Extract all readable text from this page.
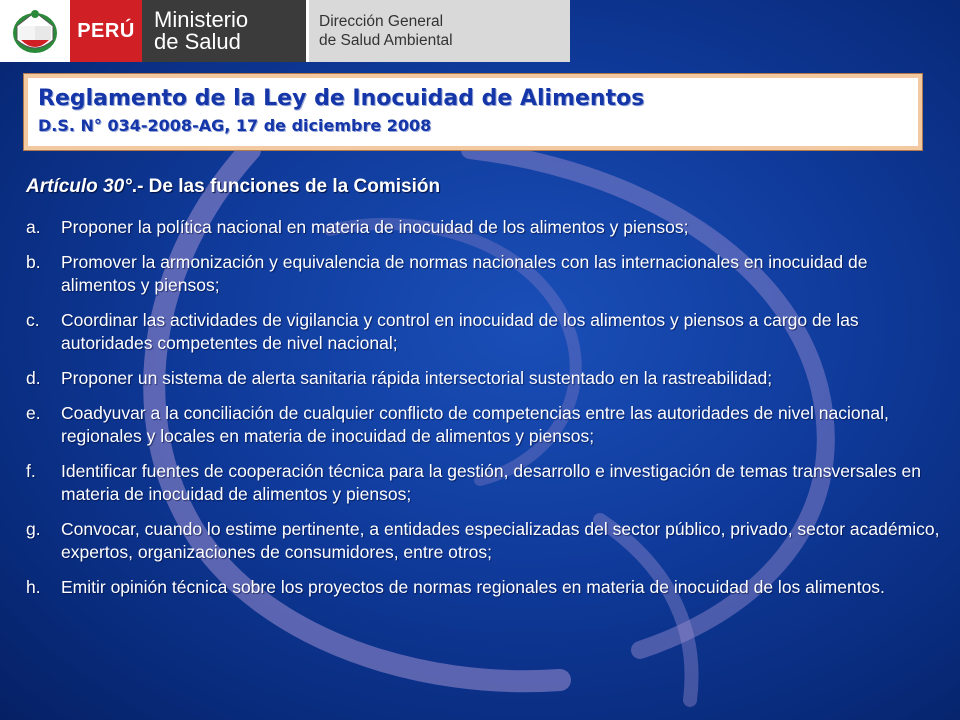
PERÚ Ministerio
de Salud
Dirección General
de Salud Ambiental
Reglamento de la Ley de Inocuidad de Alimentos
D.S. N° 034-2008-AG, 17 de diciembre 2008
Artículo 30°.- De las funciones de la Comisión
a.	Proponer la política nacional en materia de inocuidad de los alimentos y piensos;
b.	Promover la armonización y equivalencia de normas nacionales con las internacionales en inocuidad de alimentos y piensos;
c.	Coordinar las actividades de vigilancia y control en inocuidad de los alimentos y piensos a cargo de las autoridades competentes de nivel nacional;
d.	Proponer un sistema de alerta sanitaria rápida intersectorial sustentado en la rastreabilidad;
e.	Coadyuvar a la conciliación de cualquier conflicto de competencias entre las autoridades de nivel nacional, regionales y locales en materia de inocuidad de alimentos y piensos;
f.	Identificar fuentes de cooperación técnica para la gestión, desarrollo e investigación de temas transversales en materia de inocuidad de alimentos y piensos;
g.	Convocar, cuando lo estime pertinente, a entidades especializadas del sector público, privado, sector académico, expertos, organizaciones de consumidores, entre otros;
h.	Emitir opinión técnica sobre los proyectos de normas regionales en materia de inocuidad de los alimentos.
